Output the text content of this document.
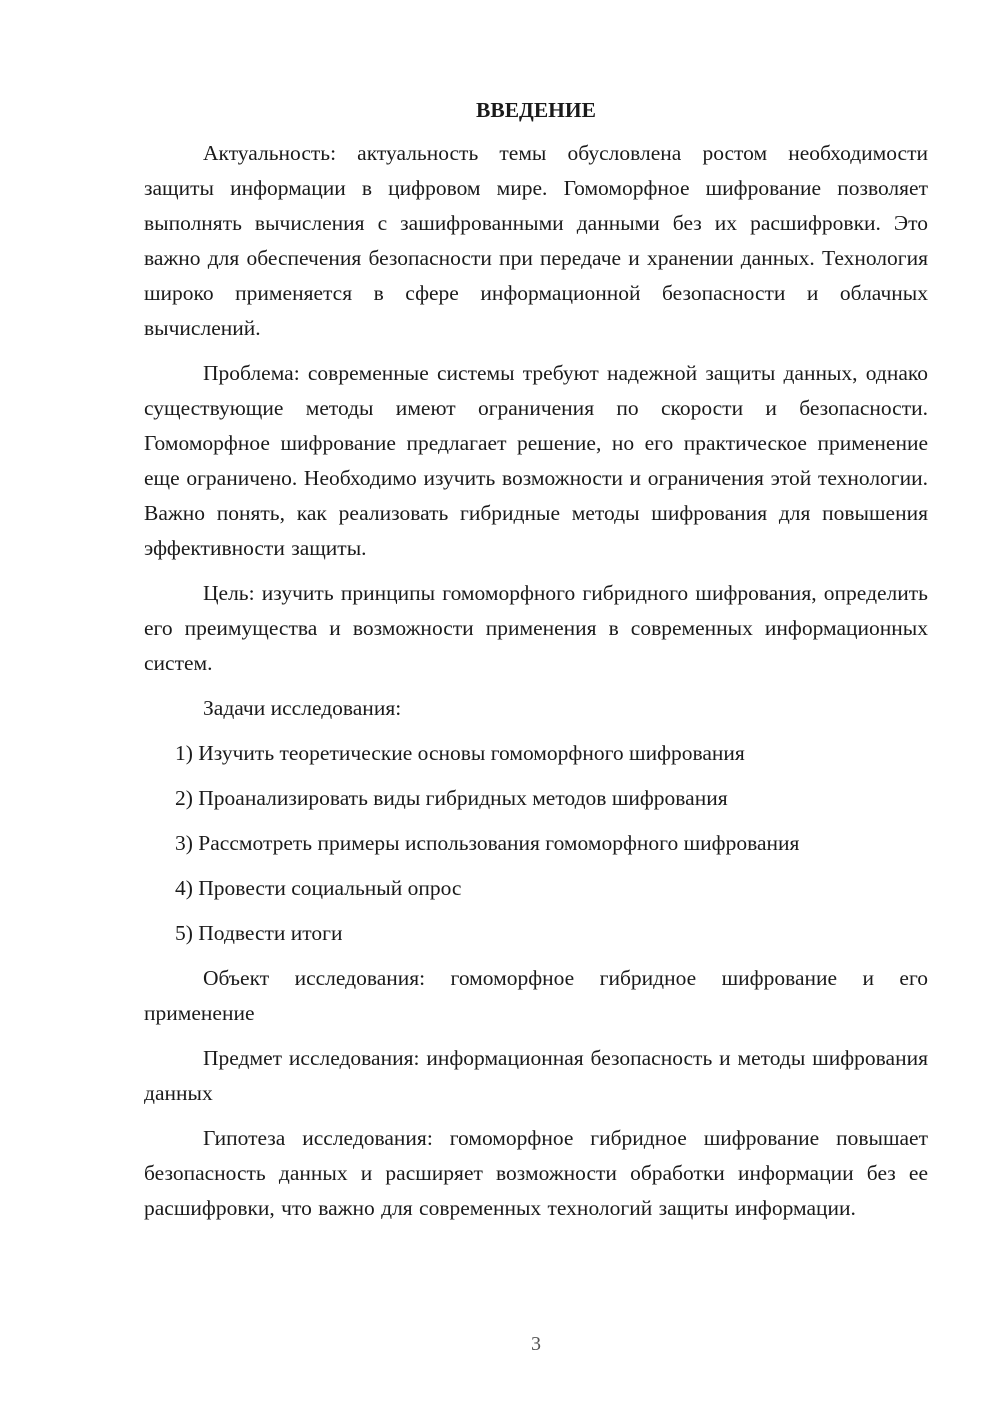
ВВЕДЕНИЕ

Актуальность: актуальность темы обусловлена ростом необходимости защиты информации в цифровом мире. Гомоморфное шифрование позволяет выполнять вычисления с зашифрованными данными без их расшифровки. Это важно для обеспечения безопасности при передаче и хранении данных. Технология широко применяется в сфере информационной безопасности и облачных вычислений.

Проблема: современные системы требуют надежной защиты данных, однако существующие методы имеют ограничения по скорости и безопасности. Гомоморфное шифрование предлагает решение, но его практическое применение еще ограничено. Необходимо изучить возможности и ограничения этой технологии. Важно понять, как реализовать гибридные методы шифрования для повышения эффективности защиты.

Цель: изучить принципы гомоморфного гибридного шифрования, определить его преимущества и возможности применения в современных информационных систем.

Задачи исследования:

1) Изучить теоретические основы гомоморфного шифрования
2) Проанализировать виды гибридных методов шифрования
3) Рассмотреть примеры использования гомоморфного шифрования
4) Провести социальный опрос
5) Подвести итоги

Объект исследования: гомоморфное гибридное шифрование и его применение

Предмет исследования: информационная безопасность и методы шифрования данных

Гипотеза исследования: гомоморфное гибридное шифрование повышает безопасность данных и расширяет возможности обработки информации без ее расшифровки, что важно для современных технологий защиты информации.

3
